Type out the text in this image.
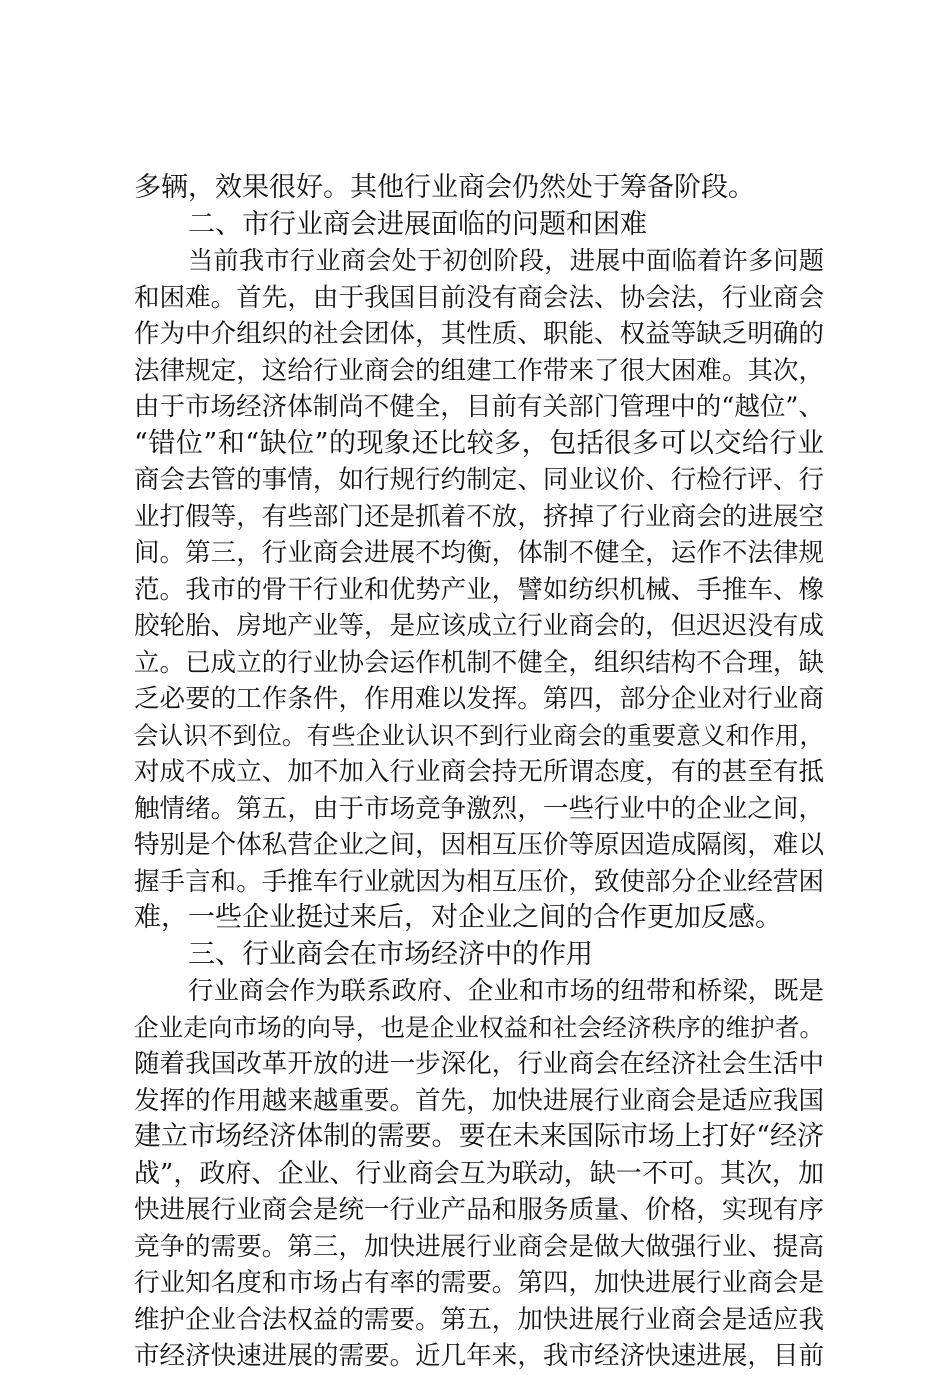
多辆，效果很好。其他行业商会仍然处于筹备阶段。
二、市行业商会进展面临的问题和困难
当前我市行业商会处于初创阶段，进展中面临着许多问题
和困难。首先，由于我国目前没有商会法、协会法，行业商会
作为中介组织的社会团体，其性质、职能、权益等缺乏明确的
法律规定，这给行业商会的组建工作带来了很大困难。其次，
由于市场经济体制尚不健全，目前有关部门管理中的“越位”、
“错位”和“缺位”的现象还比较多，包括很多可以交给行业
商会去管的事情，如行规行约制定、同业议价、行检行评、行
业打假等，有些部门还是抓着不放，挤掉了行业商会的进展空
间。第三，行业商会进展不均衡，体制不健全，运作不法律规
范。我市的骨干行业和优势产业，譬如纺织机械、手推车、橡
胶轮胎、房地产业等，是应该成立行业商会的，但迟迟没有成
立。已成立的行业协会运作机制不健全，组织结构不合理，缺
乏必要的工作条件，作用难以发挥。第四，部分企业对行业商
会认识不到位。有些企业认识不到行业商会的重要意义和作用，
对成不成立、加不加入行业商会持无所谓态度，有的甚至有抵
触情绪。第五，由于市场竞争激烈，一些行业中的企业之间，
特别是个体私营企业之间，因相互压价等原因造成隔阂，难以
握手言和。手推车行业就因为相互压价，致使部分企业经营困
难，一些企业挺过来后，对企业之间的合作更加反感。
三、行业商会在市场经济中的作用
行业商会作为联系政府、企业和市场的纽带和桥梁，既是
企业走向市场的向导，也是企业权益和社会经济秩序的维护者。
随着我国改革开放的进一步深化，行业商会在经济社会生活中
发挥的作用越来越重要。首先，加快进展行业商会是适应我国
建立市场经济体制的需要。要在未来国际市场上打好“经济
战”，政府、企业、行业商会互为联动，缺一不可。其次，加
快进展行业商会是统一行业产品和服务质量、价格，实现有序
竞争的需要。第三，加快进展行业商会是做大做强行业、提高
行业知名度和市场占有率的需要。第四，加快进展行业商会是
维护企业合法权益的需要。第五，加快进展行业商会是适应我
市经济快速进展的需要。近几年来，我市经济快速进展，目前
